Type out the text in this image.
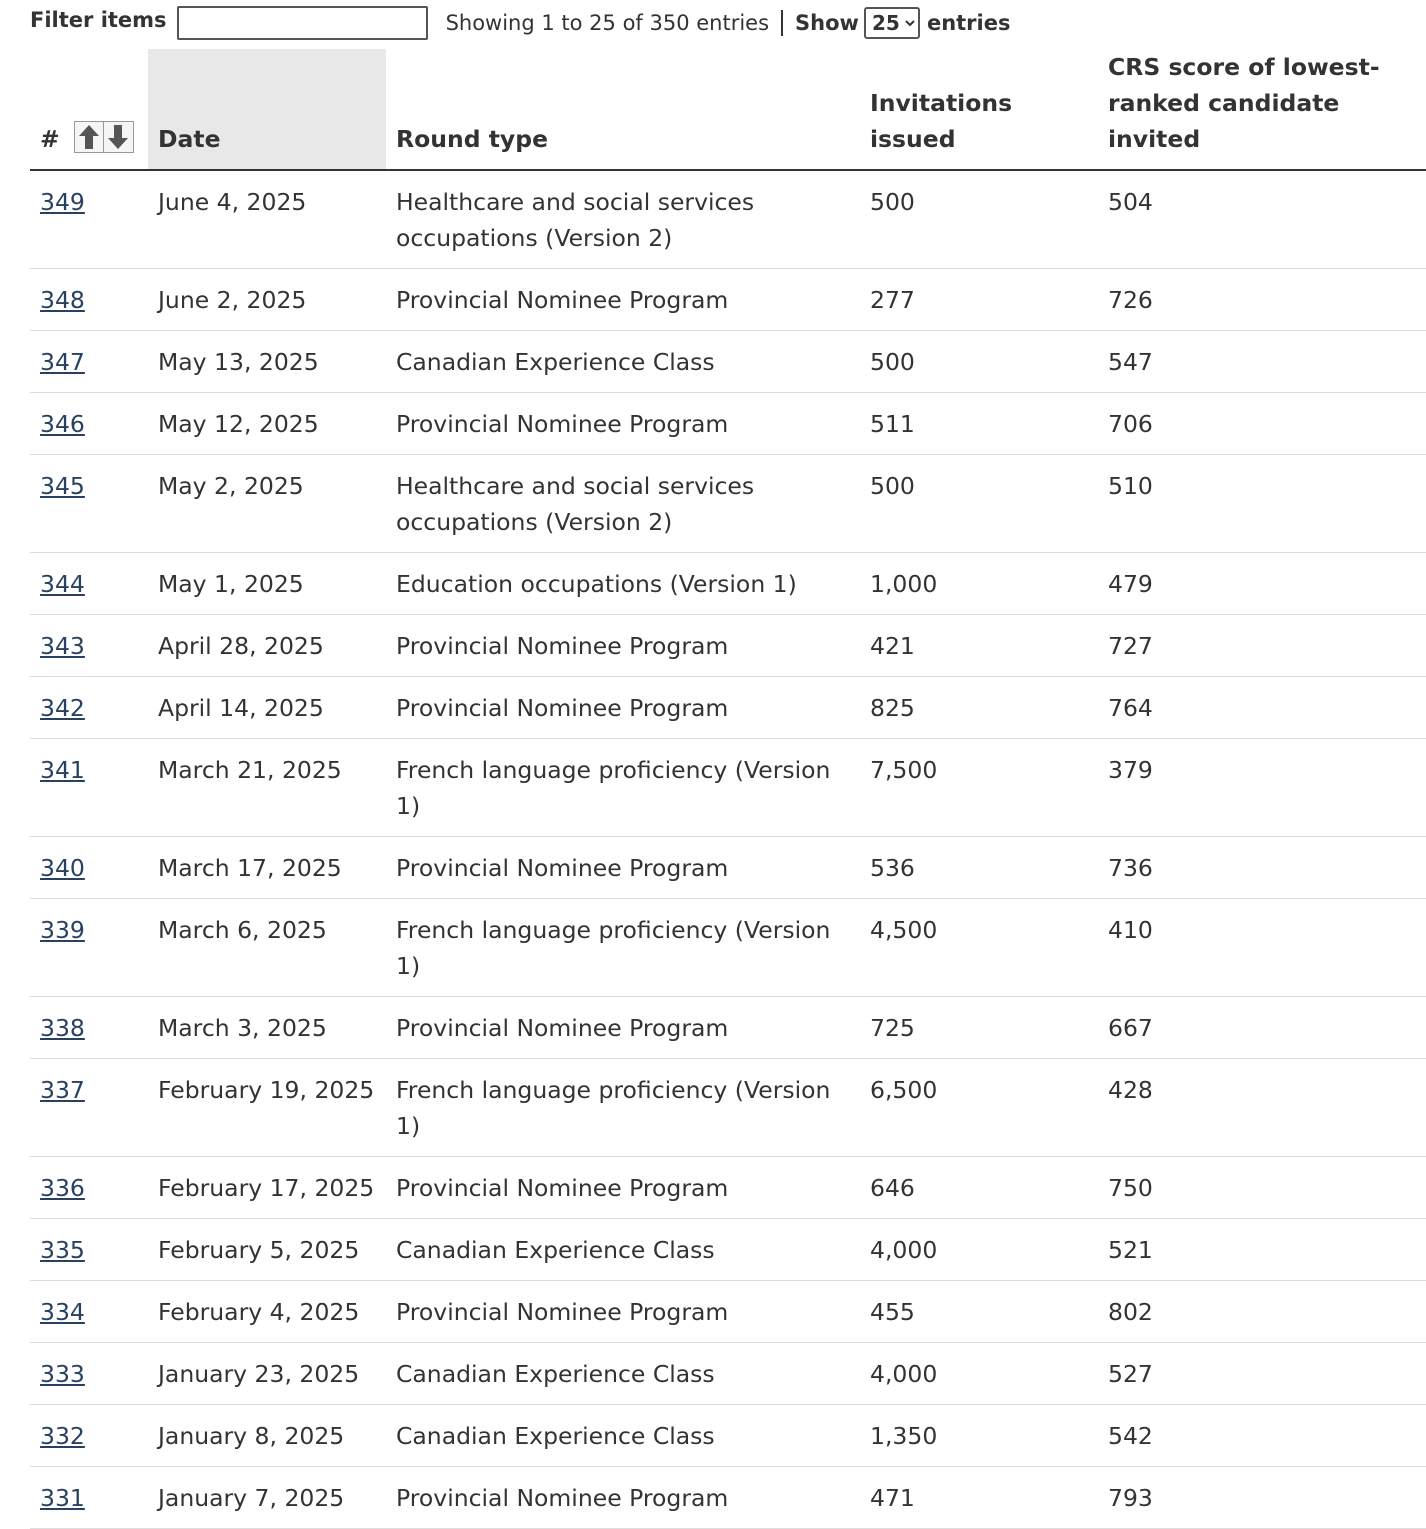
Filter items	Showing 1 to 25 of 350 entries	Show
25	entries
#	Date	Round type	Invitations issued	CRS score of lowest-ranked candidate invited
349	June 4, 2025	Healthcare and social services occupations (Version 2)	500	504
348	June 2, 2025	Provincial Nominee Program	277	726
347	May 13, 2025	Canadian Experience Class	500	547
346	May 12, 2025	Provincial Nominee Program	511	706
345	May 2, 2025	Healthcare and social services occupations (Version 2)	500	510
344	May 1, 2025	Education occupations (Version 1)	1,000	479
343	April 28, 2025	Provincial Nominee Program	421	727
342	April 14, 2025	Provincial Nominee Program	825	764
341	March 21, 2025	French language proficiency (Version 1)	7,500	379
340	March 17, 2025	Provincial Nominee Program	536	736
339	March 6, 2025	French language proficiency (Version 1)	4,500	410
338	March 3, 2025	Provincial Nominee Program	725	667
337	February 19, 2025	French language proficiency (Version 1)	6,500	428
336	February 17, 2025	Provincial Nominee Program	646	750
335	February 5, 2025	Canadian Experience Class	4,000	521
334	February 4, 2025	Provincial Nominee Program	455	802
333	January 23, 2025	Canadian Experience Class	4,000	527
332	January 8, 2025	Canadian Experience Class	1,350	542
331	January 7, 2025	Provincial Nominee Program	471	793
